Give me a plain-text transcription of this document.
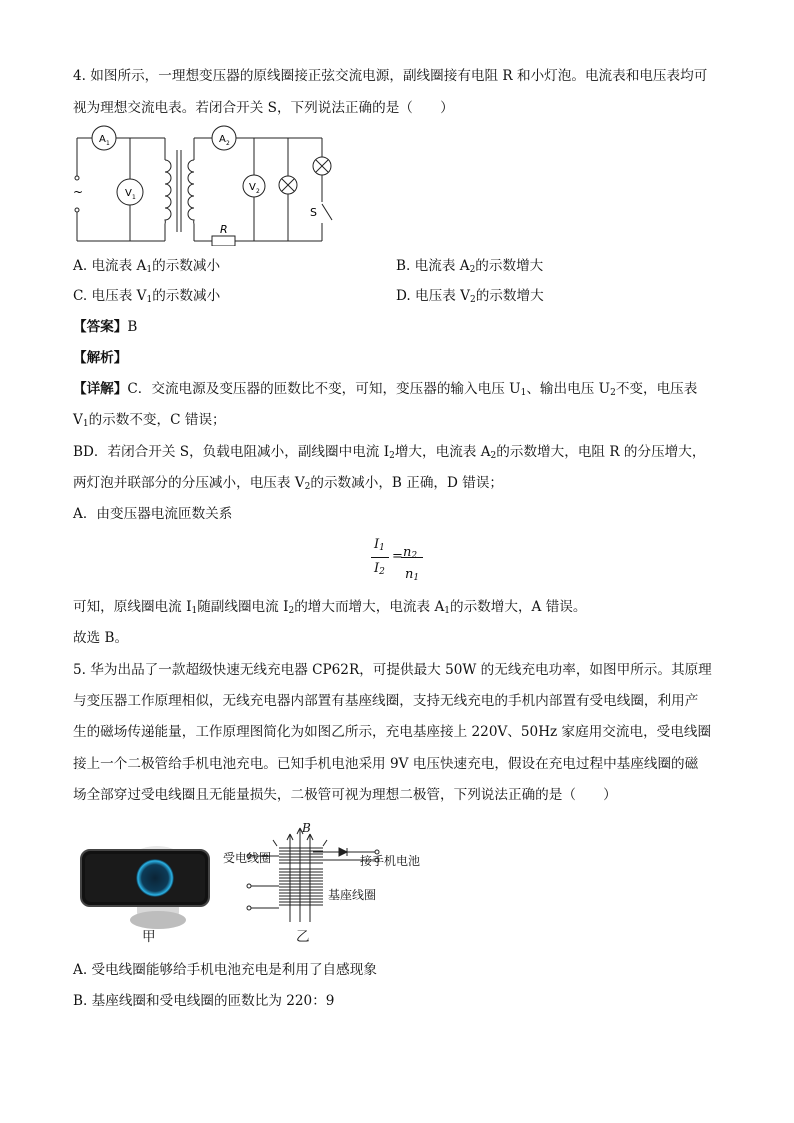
4. 如图所示，一理想变压器的原线圈接正弦交流电源，副线圈接有电阻 R 和小灯泡。电流表和电压表均可
视为理想交流电表。若闭合开关 S，下列说法正确的是（　　）
~
A 1	A 2
V 1
V 2
R
S
A. 电流表 $A_1$的示数减小	B. 电流表 $A_2$的示数增大
C. 电压表 $V_1$的示数减小	D. 电压表 $V_2$的示数增大
【答案】B
【解析】
【详解】C．交流电源及变压器的匝数比不变，可知，变压器的输入电压 $U_1$、输出电压 $U_2$不变，电压表
$V_1$的示数不变，C 错误；
BD．若闭合开关 S，负载电阻减小，副线圈中电流 $I_2$增大，电流表 $A_2$的示数增大，电阻 R 的分压增大，
两灯泡并联部分的分压减小，电压表 $V_2$的示数减小，B 正确，D 错误；
A．由变压器电流匝数关系
$I_1$
$I_2$
= $n_2$
$n_1$
可知，原线圈电流 $I_1$随副线圈电流 $I_2$的增大而增大，电流表 $A_1$的示数增大，A 错误。
故选 B。
5. 华为出品了一款超级快速无线充电器 CP62R，可提供最大 50W 的无线充电功率，如图甲所示。其原理
与变压器工作原理相似，无线充电器内部置有基座线圈，支持无线充电的手机内部置有受电线圈，利用产
生的磁场传递能量，工作原理图简化为如图乙所示，充电基座接上 220V、50Hz 家庭用交流电，受电线圈
接上一个二极管给手机电池充电。已知手机电池采用 9V 电压快速充电，假设在充电过程中基座线圈的磁
场全部穿过受电线圈且无能量损失，二极管可视为理想二极管，下列说法正确的是（　　）
甲
B
受电线圈	接手机电池
基座线圈
乙
A. 受电线圈能够给手机电池充电是利用了自感现象
B. 基座线圈和受电线圈的匝数比为 220：9
